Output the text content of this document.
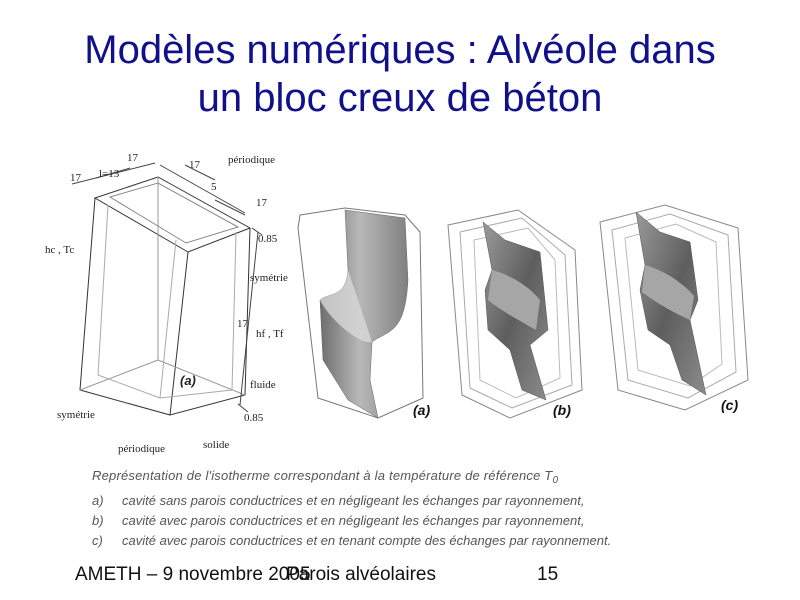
Modèles numériques : Alvéole dans
un bloc creux de béton
17
17 l=13
17	périodique
5
17
0.85
hc , Tc
symétrie
17
hf , Tf
(a)	fluide
0.85
symétrie
solide
périodique
(a)	(b)	(c)
Représentation de l'isotherme correspondant à la température de référence $T_0$
a) cavité sans parois conductrices et en négligeant les échanges par rayonnement,
b) cavité avec parois conductrices et en négligeant les échanges par rayonnement,
c) cavité avec parois conductrices et en tenant compte des échanges par rayonnement.
AMETH – 9 novembre 2005
Parois alvéolaires	15
